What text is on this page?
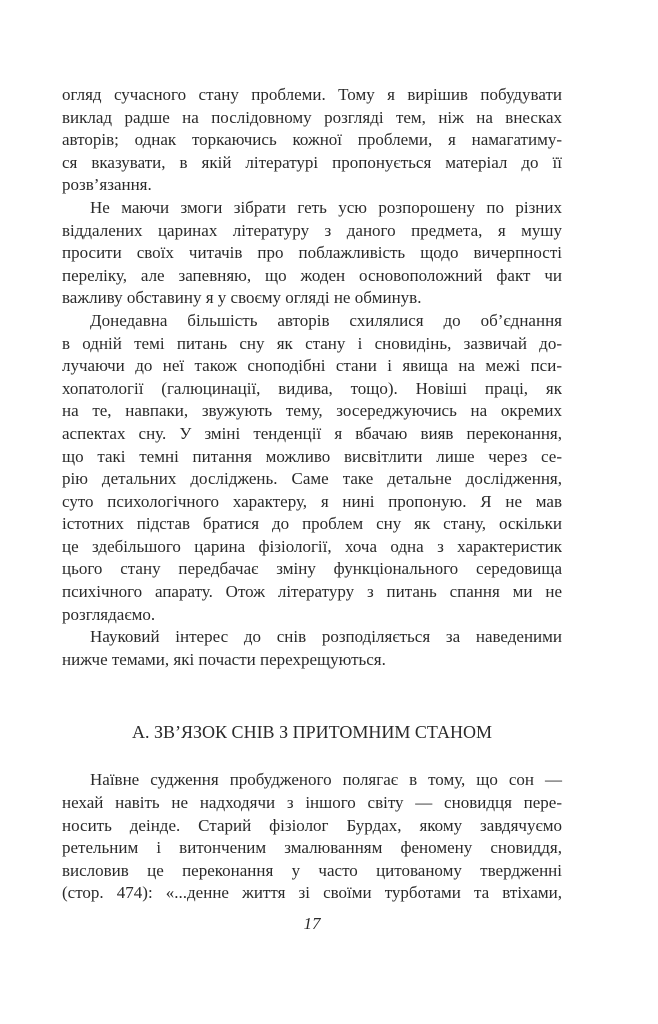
огляд сучасного стану проблеми. Тому я вирішив побудувати
виклад радше на послідовному розгляді тем, ніж на внесках
авторів; однак торкаючись кожної проблеми, я намагатиму-
ся вказувати, в якій літературі пропонується матеріал до її
розв’язання.

Не маючи змоги зібрати геть усю розпорошену по різних
віддалених царинах літературу з даного предмета, я мушу
просити своїх читачів про поблажливість щодо вичерпності
переліку, але запевняю, що жоден основоположний факт чи
важливу обставину я у своєму огляді не обминув.

Донедавна більшість авторів схилялися до об’єднання
в одній темі питань сну як стану і сновидінь, зазвичай до-
лучаючи до неї також сноподібні стани і явища на межі пси-
хопатології (галюцинації, видива, тощо). Новіші праці, як
на те, навпаки, звужують тему, зосереджуючись на окремих
аспектах сну. У зміні тенденції я вбачаю вияв переконання,
що такі темні питання можливо висвітлити лише через се-
рію детальних досліджень. Саме таке детальне дослідження,
суто психологічного характеру, я нині пропоную. Я не мав
істотних підстав братися до проблем сну як стану, оскільки
це здебільшого царина фізіології, хоча одна з характеристик
цього стану передбачає зміну функціонального середовища
психічного апарату. Отож літературу з питань спання ми не
розглядаємо.

Науковий інтерес до снів розподіляється за наведеними
нижче темами, які почасти перехрещуються.

А. ЗВ’ЯЗОК СНІВ З ПРИТОМНИМ СТАНОМ

Наївне судження пробудженого полягає в тому, що сон —
нехай навіть не надходячи з іншого світу — сновидця пере-
носить деінде. Старий фізіолог Бурдах, якому завдячуємо
ретельним і витонченим змалюванням феномену сновиддя,
висловив це переконання у часто цитованому твердженні
(стор. 474): «...денне життя зі своїми турботами та втіхами,

17
